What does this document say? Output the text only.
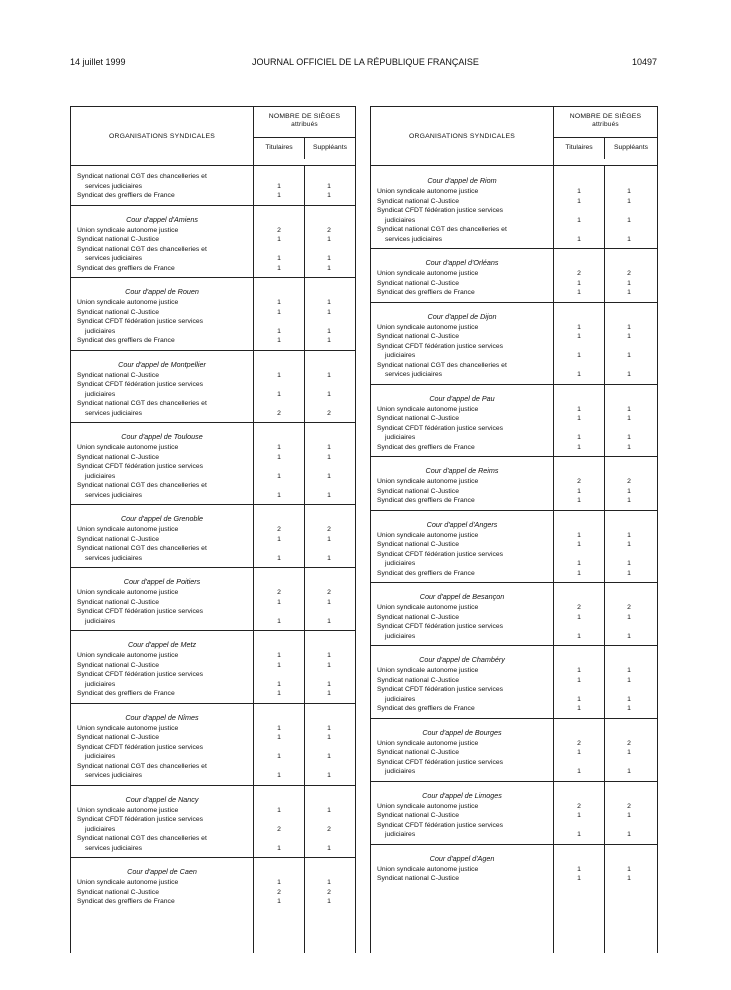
14 juillet 1999	JOURNAL OFFICIEL DE LA RÉPUBLIQUE FRANÇAISE	10497
ORGANISATIONS SYNDICALES
NOMBRE DE SIÈGES
attribués
Titulaires	Suppléants
Syndicat national CGT des chancelleries et
services judiciaires	1	1
Syndicat des greffiers de France	1	1
Cour d'appel d'Amiens
Union syndicale autonome justice	2	2
Syndicat national C-Justice	1	1
Syndicat national CGT des chancelleries et
services judiciaires	1	1
Syndicat des greffiers de France	1	1
Cour d'appel de Rouen
Union syndicale autonome justice	1	1
Syndicat national C-Justice	1	1
Syndicat CFDT fédération justice services
judiciaires	1	1
Syndicat des greffiers de France	1	1
Cour d'appel de Montpellier
Syndicat national C-Justice	1	1
Syndicat CFDT fédération justice services
judiciaires	1	1
Syndicat national CGT des chancelleries et
services judiciaires	2	2
Cour d'appel de Toulouse
Union syndicale autonome justice	1	1
Syndicat national C-Justice	1	1
Syndicat CFDT fédération justice services
judiciaires	1	1
Syndicat national CGT des chancelleries et
services judiciaires	1	1
Cour d'appel de Grenoble
Union syndicale autonome justice	2	2
Syndicat national C-Justice	1	1
Syndicat national CGT des chancelleries et
services judiciaires	1	1
Cour d'appel de Poitiers
Union syndicale autonome justice	2	2
Syndicat national C-Justice	1	1
Syndicat CFDT fédération justice services
judiciaires	1	1
Cour d'appel de Metz
Union syndicale autonome justice	1	1
Syndicat national C-Justice	1	1
Syndicat CFDT fédération justice services
judiciaires	1	1
Syndicat des greffiers de France	1	1
Cour d'appel de Nîmes
Union syndicale autonome justice	1	1
Syndicat national C-Justice	1	1
Syndicat CFDT fédération justice services
judiciaires	1	1
Syndicat national CGT des chancelleries et
services judiciaires	1	1
Cour d'appel de Nancy
Union syndicale autonome justice	1	1
Syndicat CFDT fédération justice services
judiciaires	2	2
Syndicat national CGT des chancelleries et
services judiciaires	1	1
Cour d'appel de Caen
Union syndicale autonome justice	1	1
Syndicat national C-Justice	2	2
Syndicat des greffiers de France	1	1
ORGANISATIONS SYNDICALES
NOMBRE DE SIÈGES
attribués
Titulaires	Suppléants
Cour d'appel de Riom
Union syndicale autonome justice	1	1
Syndicat national C-Justice	1	1
Syndicat CFDT fédération justice services
judiciaires	1	1
Syndicat national CGT des chancelleries et
services judiciaires	1	1
Cour d'appel d'Orléans
Union syndicale autonome justice	2	2
Syndicat national C-Justice	1	1
Syndicat des greffiers de France	1	1
Cour d'appel de Dijon
Union syndicale autonome justice	1	1
Syndicat national C-Justice	1	1
Syndicat CFDT fédération justice services
judiciaires	1	1
Syndicat national CGT des chancelleries et
services judiciaires	1	1
Cour d'appel de Pau
Union syndicale autonome justice	1	1
Syndicat national C-Justice	1	1
Syndicat CFDT fédération justice services
judiciaires	1	1
Syndicat des greffiers de France	1	1
Cour d'appel de Reims
Union syndicale autonome justice	2	2
Syndicat national C-Justice	1	1
Syndicat des greffiers de France	1	1
Cour d'appel d'Angers
Union syndicale autonome justice	1	1
Syndicat national C-Justice	1	1
Syndicat CFDT fédération justice services
judiciaires	1	1
Syndicat des greffiers de France	1	1
Cour d'appel de Besançon
Union syndicale autonome justice	2	2
Syndicat national C-Justice	1	1
Syndicat CFDT fédération justice services
judiciaires	1	1
Cour d'appel de Chambéry
Union syndicale autonome justice	1	1
Syndicat national C-Justice	1	1
Syndicat CFDT fédération justice services
judiciaires	1	1
Syndicat des greffiers de France	1	1
Cour d'appel de Bourges
Union syndicale autonome justice	2	2
Syndicat national C-Justice	1	1
Syndicat CFDT fédération justice services
judiciaires	1	1
Cour d'appel de Limoges
Union syndicale autonome justice	2	2
Syndicat national C-Justice	1	1
Syndicat CFDT fédération justice services
judiciaires	1	1
Cour d'appel d'Agen
Union syndicale autonome justice	1	1
Syndicat national C-Justice	1	1
